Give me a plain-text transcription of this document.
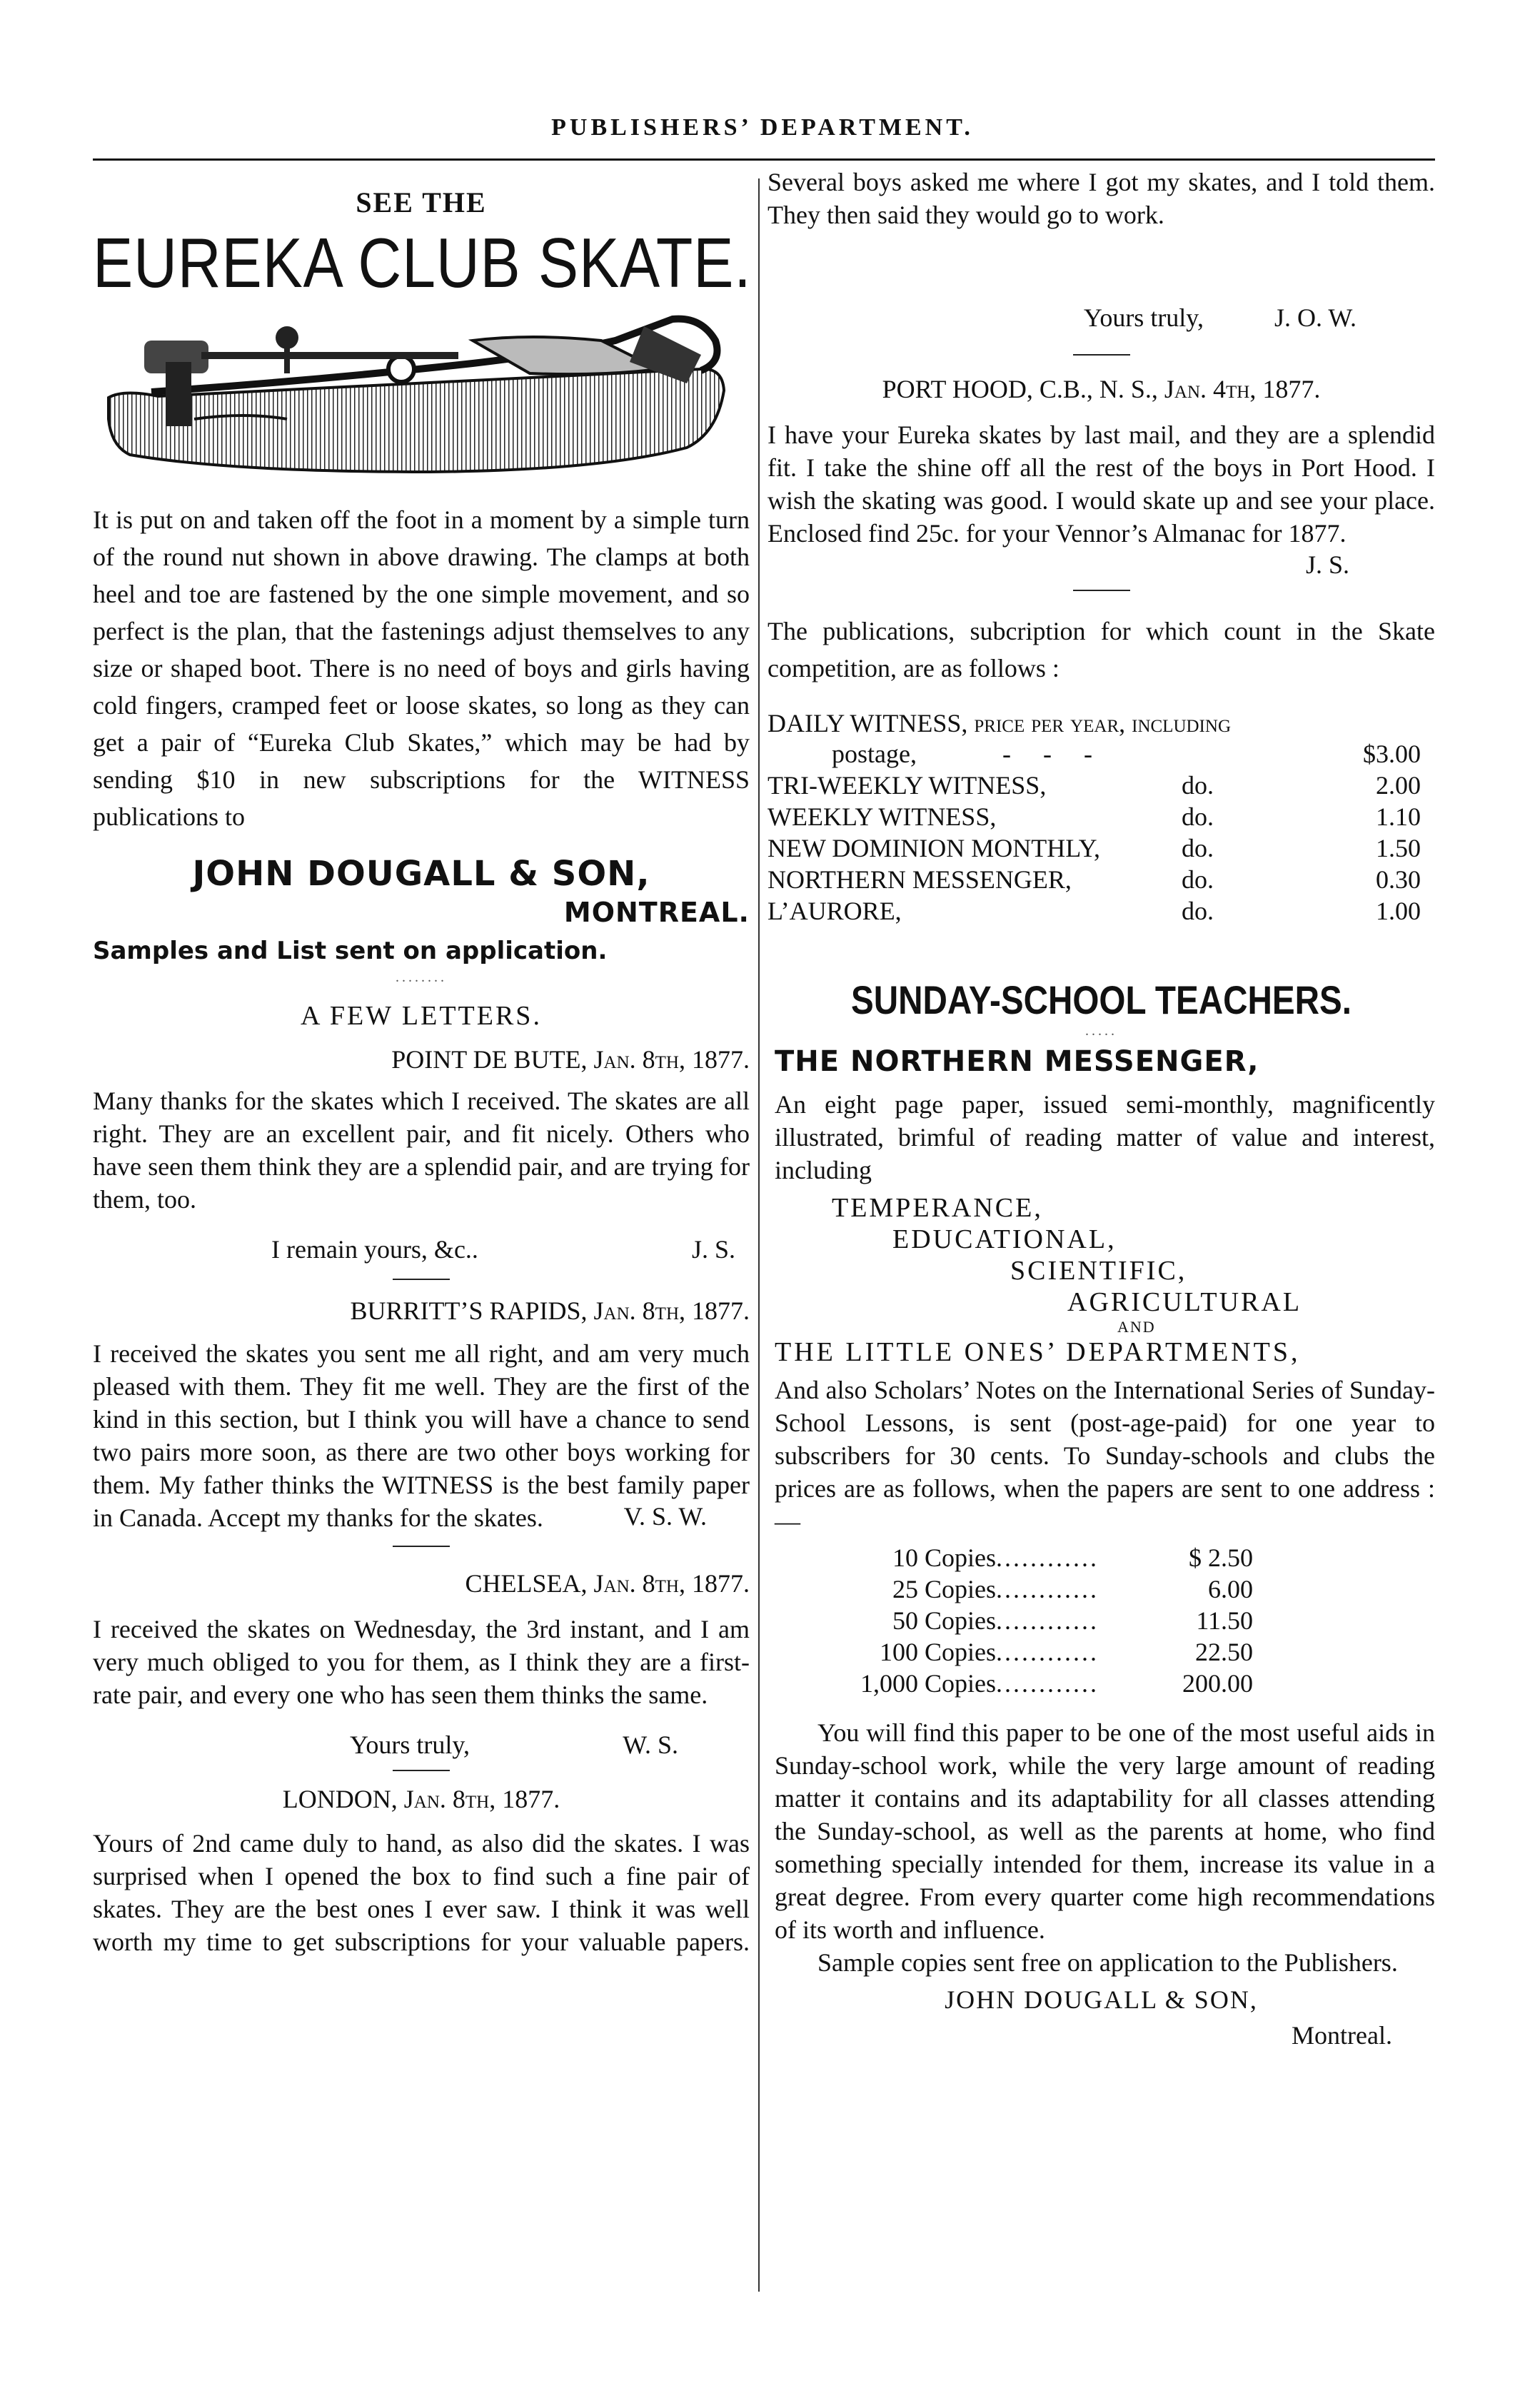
PUBLISHERS’ DEPARTMENT.

SEE THE

EUREKA CLUB SKATE.

It is put on and taken off the foot in a moment by a simple turn of the round nut shown in above drawing. The clamps at both heel and toe are fastened by the one simple movement, and so perfect is the plan, that the fastenings adjust themselves to any size or shaped boot. There is no need of boys and girls having cold fingers, cramped feet or loose skates, so long as they can get a pair of “Eureka Club Skates,” which may be had by sending $10 in new subscriptions for the WITNESS publications to

JOHN DOUGALL & SON,

MONTREAL.

Samples and List sent on application.

........

A FEW LETTERS.

POINT DE BUTE, Jan. 8th, 1877.

Many thanks for the skates which I received. The skates are all right. They are an excellent pair, and fit nicely. Others who have seen them think they are a splendid pair, and are trying for them, too.

I remain yours, &c..	J. S.

BURRITT’S RAPIDS, Jan. 8th, 1877.

I received the skates you sent me all right, and am very much pleased with them. They fit me well. They are the first of the kind in this section, but I think you will have a chance to send two pairs more soon, as there are two other boys working for them. My father thinks the WITNESS is the best family paper in Canada. Accept my thanks for the skates.	V. S. W.

CHELSEA, Jan. 8th, 1877.

I received the skates on Wednesday, the 3rd instant, and I am very much obliged to you for them, as I think they are a first-rate pair, and every one who has seen them thinks the same.

Yours truly,	W. S.

LONDON, Jan. 8th, 1877.

Yours of 2nd came duly to hand, as also did the skates. I was surprised when I opened the box to find such a fine pair of skates. They are the best ones I ever saw. I think it was well worth my time to get subscriptions for your valuable papers.
Several boys asked me where I got my skates, and I told them. They then said they would go to work.

Yours truly,	J. O. W.

PORT HOOD, C.B., N. S., Jan. 4th, 1877.

I have your Eureka skates by last mail, and they are a splendid fit. I take the shine off all the rest of the boys in Port Hood. I wish the skating was good. I would skate up and see your place. Enclosed find 25c. for your Vennor’s Almanac for 1877.

J. S.

The publications, subcription for which count in the Skate competition, are as follows :

DAILY WITNESS, price per year, including

postage,	-     -     -	$3.00
TRI-WEEKLY WITNESS,	do.	2.00
WEEKLY WITNESS,	do.	1.10
NEW DOMINION MONTHLY,	do.	1.50
NORTHERN MESSENGER,	do.	0.30
L’AURORE,	do.	1.00

SUNDAY-SCHOOL TEACHERS.

.....

THE NORTHERN MESSENGER,

An eight page paper, issued semi-monthly, magnificently illustrated, brimful of reading matter of value and interest, including

TEMPERANCE,

EDUCATIONAL,

SCIENTIFIC,

AGRICULTURAL

AND

THE LITTLE ONES’ DEPARTMENTS,

And also Scholars’ Notes on the International Series of Sunday-School Lessons, is sent (post-age-paid) for one year to subscribers for 30 cents. To Sunday-schools and clubs the prices are as follows, when the papers are sent to one address :—

10 Copies	............	$ 2.50
25 Copies	............	6.00
50 Copies	............	11.50
100 Copies	............	22.50
1,000 Copies	............	200.00

You will find this paper to be one of the most useful aids in Sunday-school work, while the very large amount of reading matter it contains and its adaptability for all classes attending the Sunday-school, as well as the parents at home, who find something specially intended for them, increase its value in a great degree. From every quarter come high recommendations of its worth and influence.

Sample copies sent free on application to the Publishers.

JOHN DOUGALL & SON,

Montreal.
